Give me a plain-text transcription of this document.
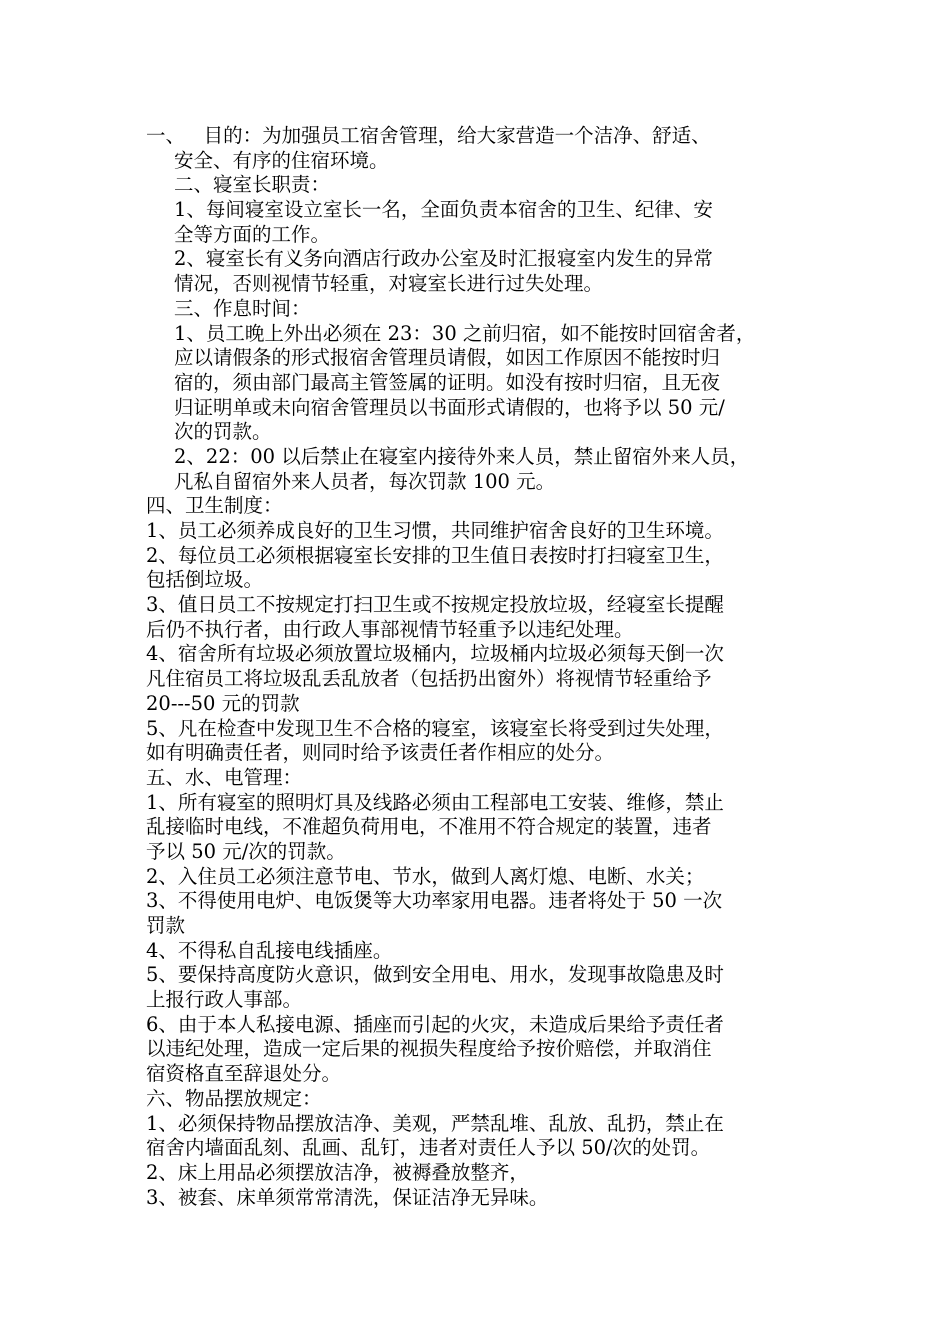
一、   目的：为加强员工宿舍管理，给大家营造一个洁净、舒适、
安全、有序的住宿环境。
二、寝室长职责：
1、每间寝室设立室长一名，全面负责本宿舍的卫生、纪律、安
全等方面的工作。
2、寝室长有义务向酒店行政办公室及时汇报寝室内发生的异常
情况，否则视情节轻重，对寝室长进行过失处理。
三、作息时间：
1、员工晚上外出必须在 23：30 之前归宿，如不能按时回宿舍者，
应以请假条的形式报宿舍管理员请假，如因工作原因不能按时归
宿的，须由部门最高主管签属的证明。如没有按时归宿，且无夜
归证明单或未向宿舍管理员以书面形式请假的，也将予以 50 元/
次的罚款。
2、22：00 以后禁止在寝室内接待外来人员，禁止留宿外来人员，
凡私自留宿外来人员者，每次罚款 100 元。
四、卫生制度：
1、员工必须养成良好的卫生习惯，共同维护宿舍良好的卫生环境。
2、每位员工必须根据寝室长安排的卫生值日表按时打扫寝室卫生，
包括倒垃圾。
3、值日员工不按规定打扫卫生或不按规定投放垃圾，经寝室长提醒
后仍不执行者，由行政人事部视情节轻重予以违纪处理。
4、宿舍所有垃圾必须放置垃圾桶内，垃圾桶内垃圾必须每天倒一次
凡住宿员工将垃圾乱丢乱放者（包括扔出窗外）将视情节轻重给予
20---50 元的罚款
5、凡在检查中发现卫生不合格的寝室，该寝室长将受到过失处理，
如有明确责任者，则同时给予该责任者作相应的处分。
五、水、电管理：
1、所有寝室的照明灯具及线路必须由工程部电工安装、维修，禁止
乱接临时电线，不准超负荷用电，不准用不符合规定的装置，违者
予以 50 元/次的罚款。
2、入住员工必须注意节电、节水，做到人离灯熄、电断、水关；
3、不得使用电炉、电饭煲等大功率家用电器。违者将处于 50 一次
罚款
4、不得私自乱接电线插座。
5、要保持高度防火意识，做到安全用电、用水，发现事故隐患及时
上报行政人事部。
6、由于本人私接电源、插座而引起的火灾，未造成后果给予责任者
以违纪处理，造成一定后果的视损失程度给予按价赔偿，并取消住
宿资格直至辞退处分。
六、物品摆放规定：
1、必须保持物品摆放洁净、美观，严禁乱堆、乱放、乱扔，禁止在
宿舍内墙面乱刻、乱画、乱钉，违者对责任人予以 50/次的处罚。
2、床上用品必须摆放洁净，被褥叠放整齐，
3、被套、床单须常常清洗，保证洁净无异味。
